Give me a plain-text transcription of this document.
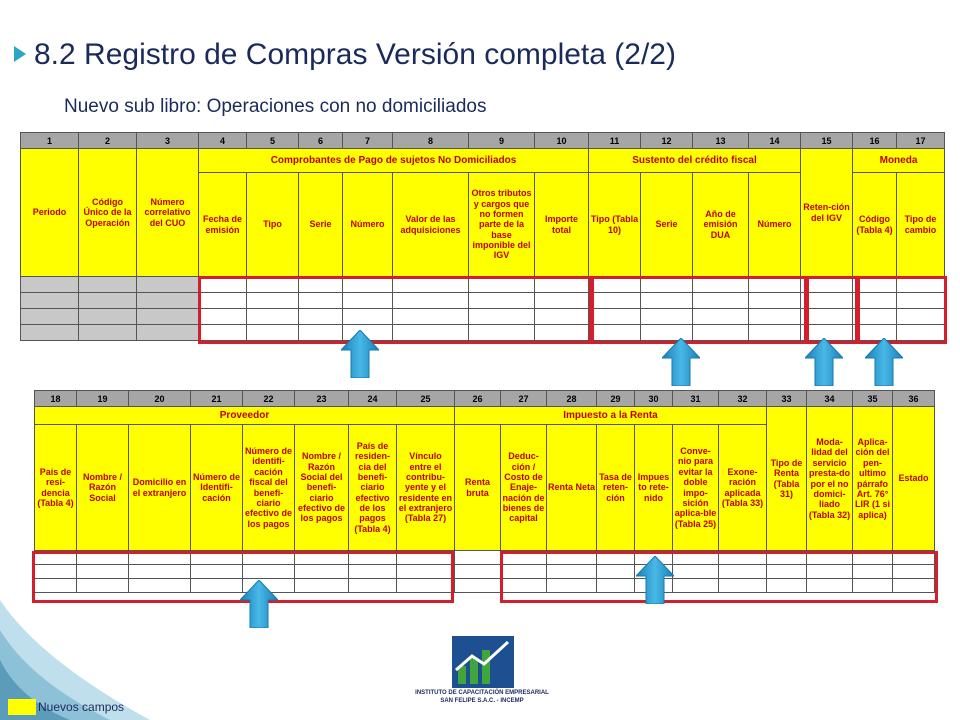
8.2 Registro de Compras Versión completa (2/2)
Nuevo sub libro: Operaciones con no domiciliados
1	2	3	4	5	6	7	8	9	10	11	12	13	14	15	16	17
Periodo	Código Único de la Operación	Número correlativo del CUO	Comprobantes de Pago de sujetos No Domiciliados							Sustento del crédito fiscal				Reten-ción del IGV	Moneda	
			Fecha de emisión	Tipo	Serie	Número	Valor de las adquisiciones	Otros tributos y cargos que no formen parte de la base imponible del IGV	Importe total	Tipo (Tabla 10)	Serie	Año de emisión DUA	Número		Código (Tabla 4)	Tipo de cambio

18	19	20	21	22	23	24	25	26	27	28	29	30	31	32	33	34	35	36
Proveedor								Impuesto a la Renta							Tipo de Renta (Tabla 31)	Moda-lidad del servicio presta-do por el no domici-liado (Tabla 32)	Aplica-ción del pen-ultimo párrafo Art. 76° LIR (1 si aplica)	Estado
País de resi-dencia (Tabla 4)	Nombre / Razón Social	Domicilio en el extranjero	Número de Identifi-cación	Número de identifi-cación fiscal del benefi-ciario efectivo de los pagos	Nombre / Razón Social del benefi-ciario efectivo de los pagos	País de residen-cia del benefi-ciario efectivo de los pagos (Tabla 4)	Vínculo entre el contribu-yente y el residente en el extranjero (Tabla 27)	Renta bruta	Deduc-ción / Costo de Enaje-nación de bienes de capital	Renta Neta	Tasa de reten-ción	Impues to rete-nido	Conve-nio para evitar la doble impo-sición aplica-ble (Tabla 25)	Exone-ración aplicada (Tabla 33)				

Nuevos campos
INSTITUTO DE CAPACITACIÓN EMPRESARIAL
SAN FELIPE S.A.C. - INCEMP
